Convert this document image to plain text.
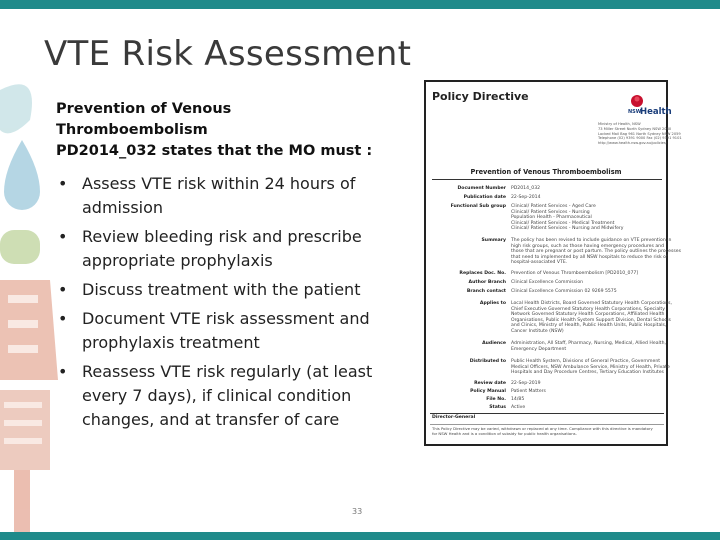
VTE Risk Assessment
Prevention of Venous Thromboembolism
PD2014_032 states that the MO must :
• Assess VTE risk within 24 hours of
admission
• Review bleeding risk and prescribe
appropriate prophylaxis
• Discuss treatment with the patient
• Document VTE risk assessment and
prophylaxis treatment
• Reassess VTE risk regularly (at least
every 7 days), if clinical condition
changes, and at transfer of care
33
Policy Directive
NSW
Health
Ministry of Health, NSW
73 Miller Street North Sydney NSW 2060
Locked Mail Bag 961 North Sydney NSW 2059
Telephone (02) 9391 9000 Fax (02) 9391 9101
http://www.health.nsw.gov.au/policies/
Prevention of Venous Thromboembolism
Document Number PD2014_032
Publication date 22-Sep-2014
Functional Sub group Clinical/ Patient Services - Aged Care
Clinical/ Patient Services - Nursing
Population Health - Pharmaceutical
Clinical/ Patient Services - Medical Treatment
Clinical/ Patient Services - Nursing and Midwifery
Summary The policy has been revised to include guidance on VTE prevention in
high risk groups, such as those having emergency procedures and
those that are pregnant or post partum. The policy outlines the processes
that need to implemented by all NSW hospitals to reduce the risk of
hospital-associated VTE.
Replaces Doc. No. Prevention of Venous Thromboembolism [PD2010_077]
Author Branch Clinical Excellence Commission
Branch contact Clinical Excellence Commission 02 9269 5575
Applies to Local Health Districts, Board Governed Statutory Health Corporations,
Chief Executive Governed Statutory Health Corporations, Specialty
Network Governed Statutory Health Corporations, Affiliated Health
Organisations, Public Health System Support Division, Dental Schools
and Clinics, Ministry of Health, Public Health Units, Public Hospitals,
Cancer Institute (NSW)
Audience Administration, All Staff, Pharmacy, Nursing, Medical, Allied Health,
Emergency Department
Distributed to Public Health System, Divisions of General Practice, Government
Medical Officers, NSW Ambulance Service, Ministry of Health, Private
Hospitals and Day Procedure Centres, Tertiary Education Institutes
Review date 22-Sep-2019
Policy Manual Patient Matters
File No. 14/85
Status Active
Director-General
This Policy Directive may be varied, withdrawn or replaced at any time. Compliance with this directive is mandatory
for NSW Health and is a condition of subsidy for public health organisations.
